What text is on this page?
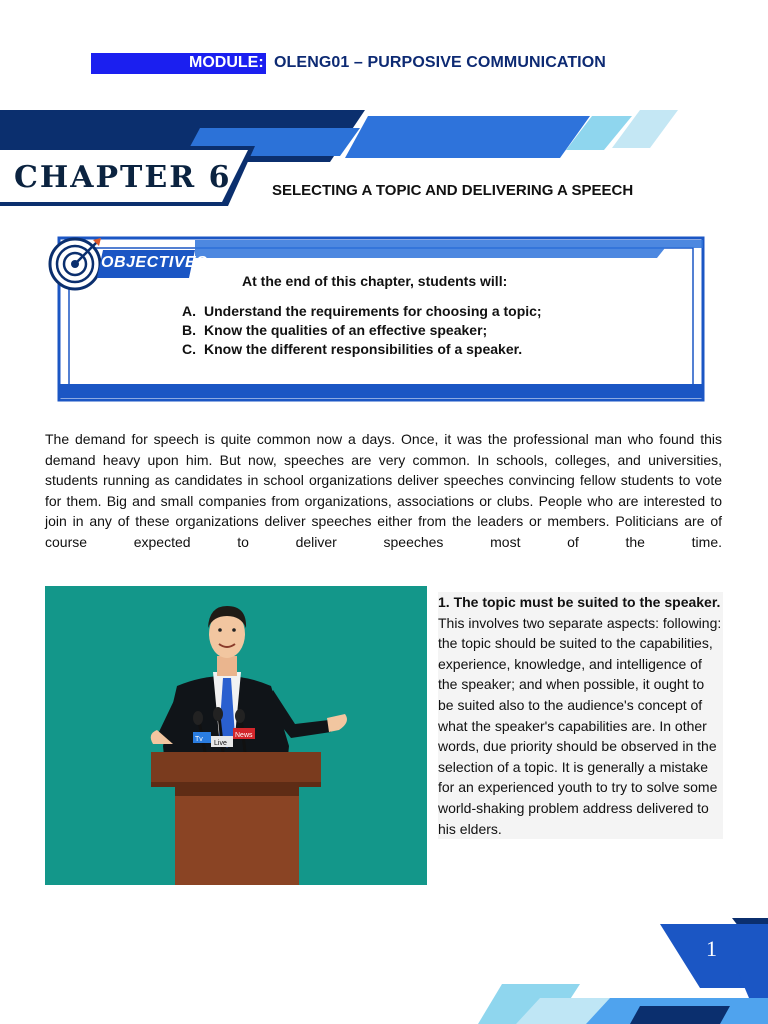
MODULE: OLENG01 – PURPOSIVE COMMUNICATION
CHAPTER 6	SELECTING A TOPIC AND DELIVERING A SPEECH
OBJECTIVES
At the end of this chapter, students will:
A. Understand the requirements for choosing a topic;
B. Know the qualities of an effective speaker;
C. Know the different responsibilities of a speaker.

The demand for speech is quite common now a days. Once, it was the professional man who found this demand heavy upon him. But now, speeches are very common. In schools, colleges, and universities, students running as candidates in school organizations deliver speeches convincing fellow students to vote for them. Big and small companies from organizations, associations or clubs. People who are interested to join in any of these organizations deliver speeches either from the leaders or members. Politicians are of course expected to deliver speeches most of the time.

Tv
Live
News

1. The topic must be suited to the speaker.
This involves two separate aspects: following: the topic should be suited to the capabilities, experience, knowledge, and intelligence of the speaker; and when possible, it ought to be suited also to the audience's concept of what the speaker's capabilities are. In other words, due priority should be observed in the selection of a topic. It is generally a mistake for an experienced youth to try to solve some world-shaking problem address delivered to his elders.

1
